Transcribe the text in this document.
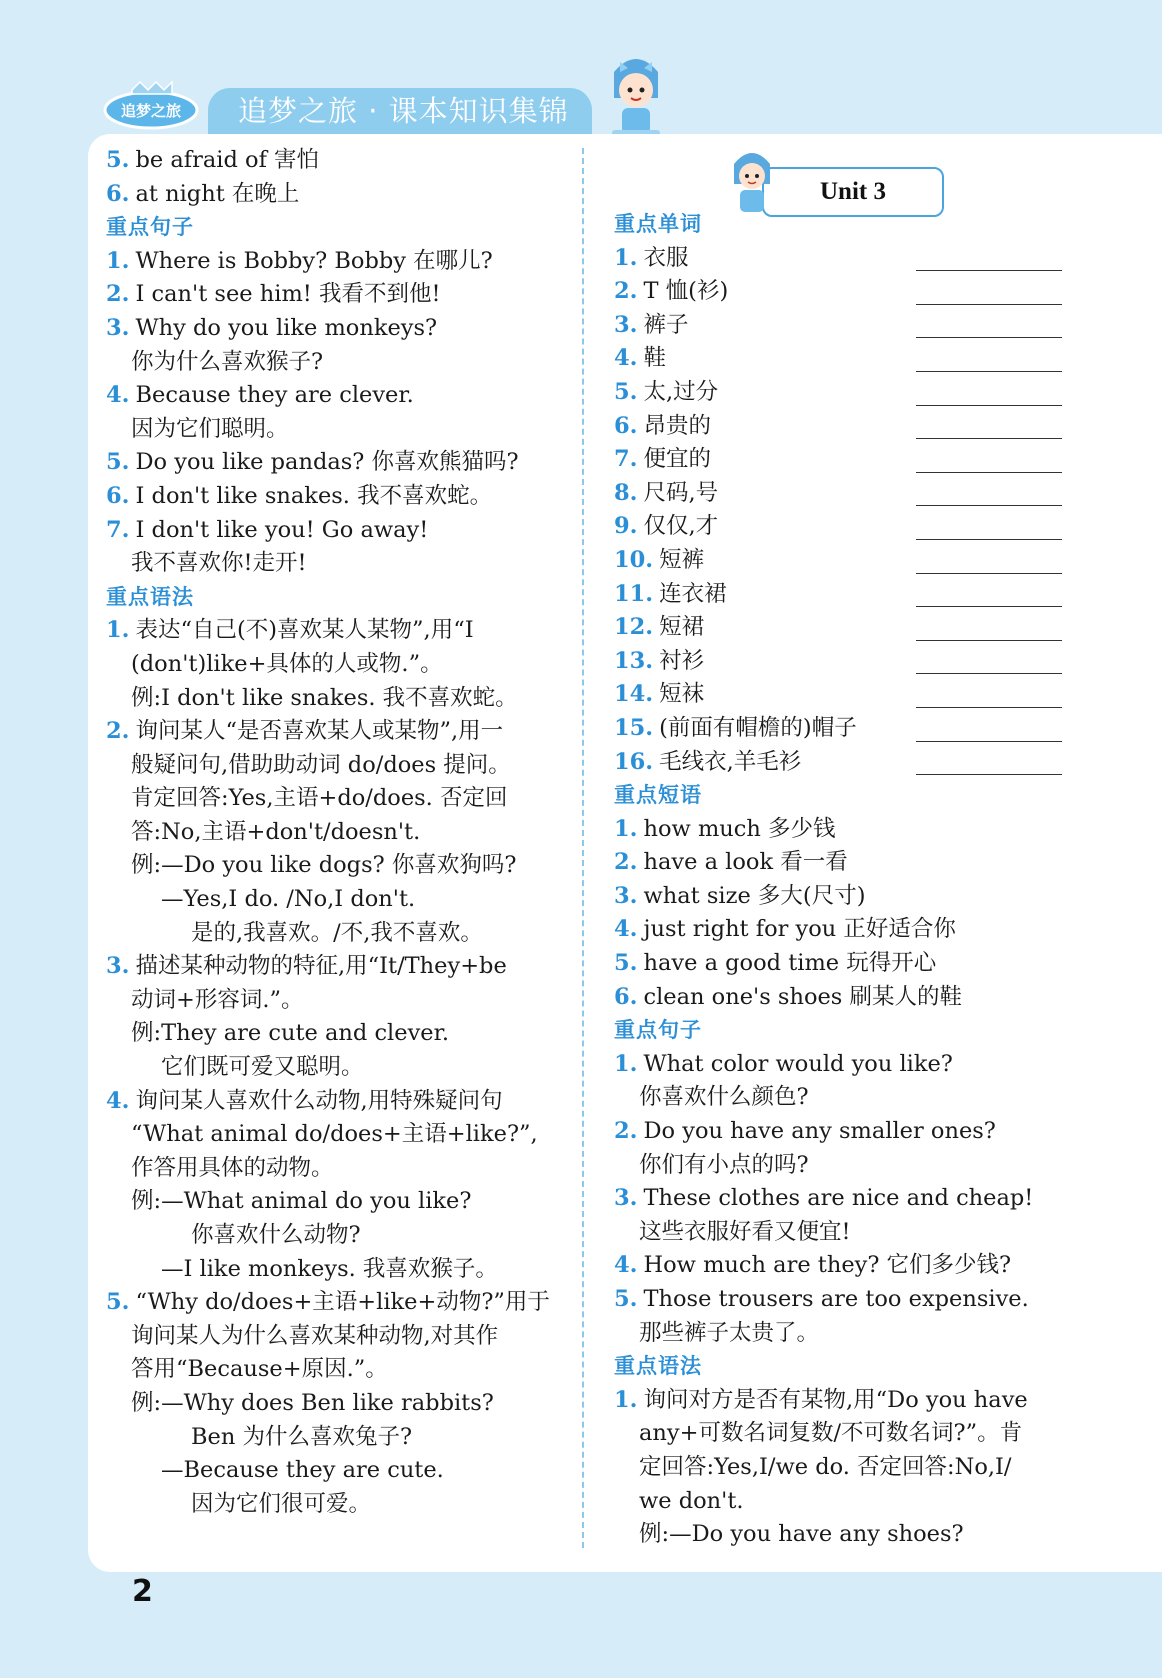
追梦之旅	追梦之旅 · 课本知识集锦
5. be afraid of 害怕
6. at night 在晚上
重点句子
1. Where is Bobby? Bobby 在哪儿?
2. I can't see him! 我看不到他!
3. Why do you like monkeys?
你为什么喜欢猴子?
4. Because they are clever.
因为它们聪明。
5. Do you like pandas? 你喜欢熊猫吗?
6. I don't like snakes. 我不喜欢蛇。
7. I don't like you! Go away!
我不喜欢你!走开!
重点语法
1. 表达“自己(不)喜欢某人某物”,用“I
(don't)like+具体的人或物.”。
例:I don't like snakes. 我不喜欢蛇。
2. 询问某人“是否喜欢某人或某物”,用一
般疑问句,借助助动词 do/does 提问。
肯定回答:Yes,主语+do/does. 否定回
答:No,主语+don't/doesn't.
例:—Do you like dogs? 你喜欢狗吗?
—Yes,I do. /No,I don't.
是的,我喜欢。/不,我不喜欢。
3. 描述某种动物的特征,用“It/They+be
动词+形容词.”。
例:They are cute and clever.
它们既可爱又聪明。
4. 询问某人喜欢什么动物,用特殊疑问句
“What animal do/does+主语+like?”,
作答用具体的动物。
例:—What animal do you like?
你喜欢什么动物?
—I like monkeys. 我喜欢猴子。
5. “Why do/does+主语+like+动物?”用于
询问某人为什么喜欢某种动物,对其作
答用“Because+原因.”。
例:—Why does Ben like rabbits?
Ben 为什么喜欢兔子?
—Because they are cute.
因为它们很可爱。
Unit 3
重点单词
1. 衣服
2. T 恤(衫)
3. 裤子
4. 鞋
5. 太,过分
6. 昂贵的
7. 便宜的
8. 尺码,号
9. 仅仅,才
10. 短裤
11. 连衣裙
12. 短裙
13. 衬衫
14. 短袜
15. (前面有帽檐的)帽子
16. 毛线衣,羊毛衫
重点短语
1. how much 多少钱
2. have a look 看一看
3. what size 多大(尺寸)
4. just right for you 正好适合你
5. have a good time 玩得开心
6. clean one's shoes 刷某人的鞋
重点句子
1. What color would you like?
你喜欢什么颜色?
2. Do you have any smaller ones?
你们有小点的吗?
3. These clothes are nice and cheap!
这些衣服好看又便宜!
4. How much are they? 它们多少钱?
5. Those trousers are too expensive.
那些裤子太贵了。
重点语法
1. 询问对方是否有某物,用“Do you have
any+可数名词复数/不可数名词?”。肯
定回答:Yes,I/we do. 否定回答:No,I/
we don't.
例:—Do you have any shoes?
2
